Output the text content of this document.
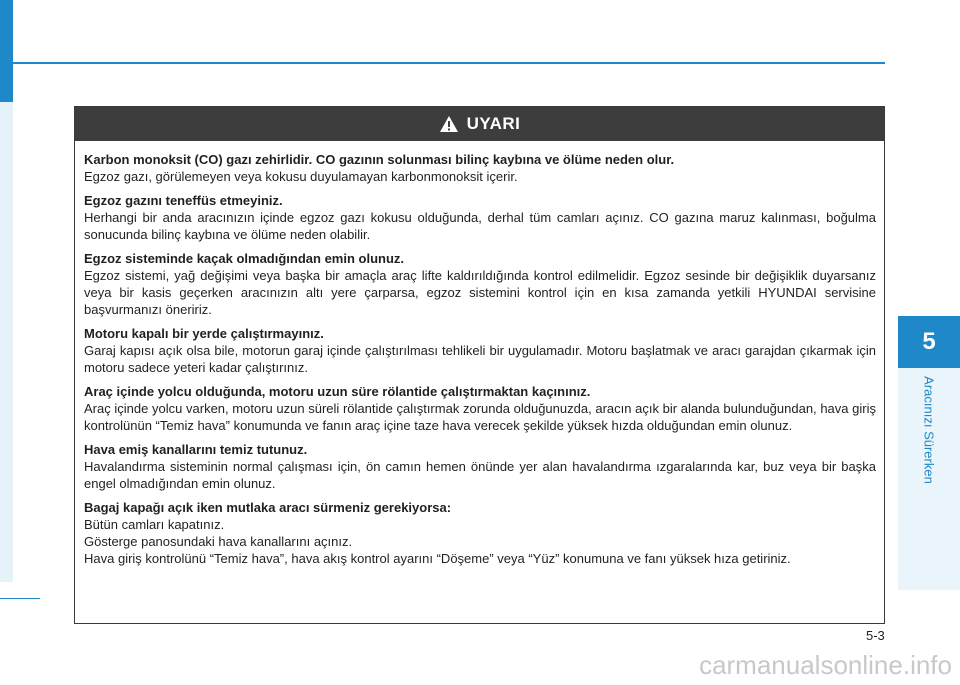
5
Aracınızı Sürerken
UYARI
Karbon monoksit (CO) gazı zehirlidir. CO gazının solunması bilinç kaybına ve ölüme neden olur.
Egzoz gazı, görülemeyen veya kokusu duyulamayan karbonmonoksit içerir.
Egzoz gazını teneffüs etmeyiniz.
Herhangi bir anda aracınızın içinde egzoz gazı kokusu olduğunda, derhal tüm camları açınız. CO gazına maruz kalınması, boğulma sonucunda bilinç kaybına ve ölüme neden olabilir.
Egzoz sisteminde kaçak olmadığından emin olunuz.
Egzoz sistemi, yağ değişimi veya başka bir amaçla araç lifte kaldırıldığında kontrol edilmelidir. Egzoz sesinde bir değişiklik duyarsanız veya bir kasis geçerken aracınızın altı yere çarparsa, egzoz sistemini kontrol için en kısa zamanda yetkili HYUNDAI servisine başvurmanızı öneririz.
Motoru kapalı bir yerde çalıştırmayınız.
Garaj kapısı açık olsa bile, motorun garaj içinde çalıştırılması tehlikeli bir uygulamadır. Motoru başlatmak ve aracı garajdan çıkarmak için motoru sadece yeteri kadar çalıştırınız.
Araç içinde yolcu olduğunda, motoru uzun süre rölantide çalıştırmaktan kaçınınız.
Araç içinde yolcu varken, motoru uzun süreli rölantide çalıştırmak zorunda olduğunuzda, aracın açık bir alanda bulunduğundan, hava giriş kontrolünün “Temiz hava” konumunda ve fanın araç içine taze hava verecek şekilde yüksek hızda olduğundan emin olunuz.
Hava emiş kanallarını temiz tutunuz.
Havalandırma sisteminin normal çalışması için, ön camın hemen önünde yer alan havalandırma ızgaralarında kar, buz veya bir başka engel olmadığından emin olunuz.
Bagaj kapağı açık iken mutlaka aracı sürmeniz gerekiyorsa:
Bütün camları kapatınız.
Gösterge panosundaki hava kanallarını açınız.
Hava giriş kontrolünü “Temiz hava”, hava akış kontrol ayarını “Döşeme” veya “Yüz” konumuna ve fanı yüksek hıza getiriniz.
5-3
carmanualsonline.info
